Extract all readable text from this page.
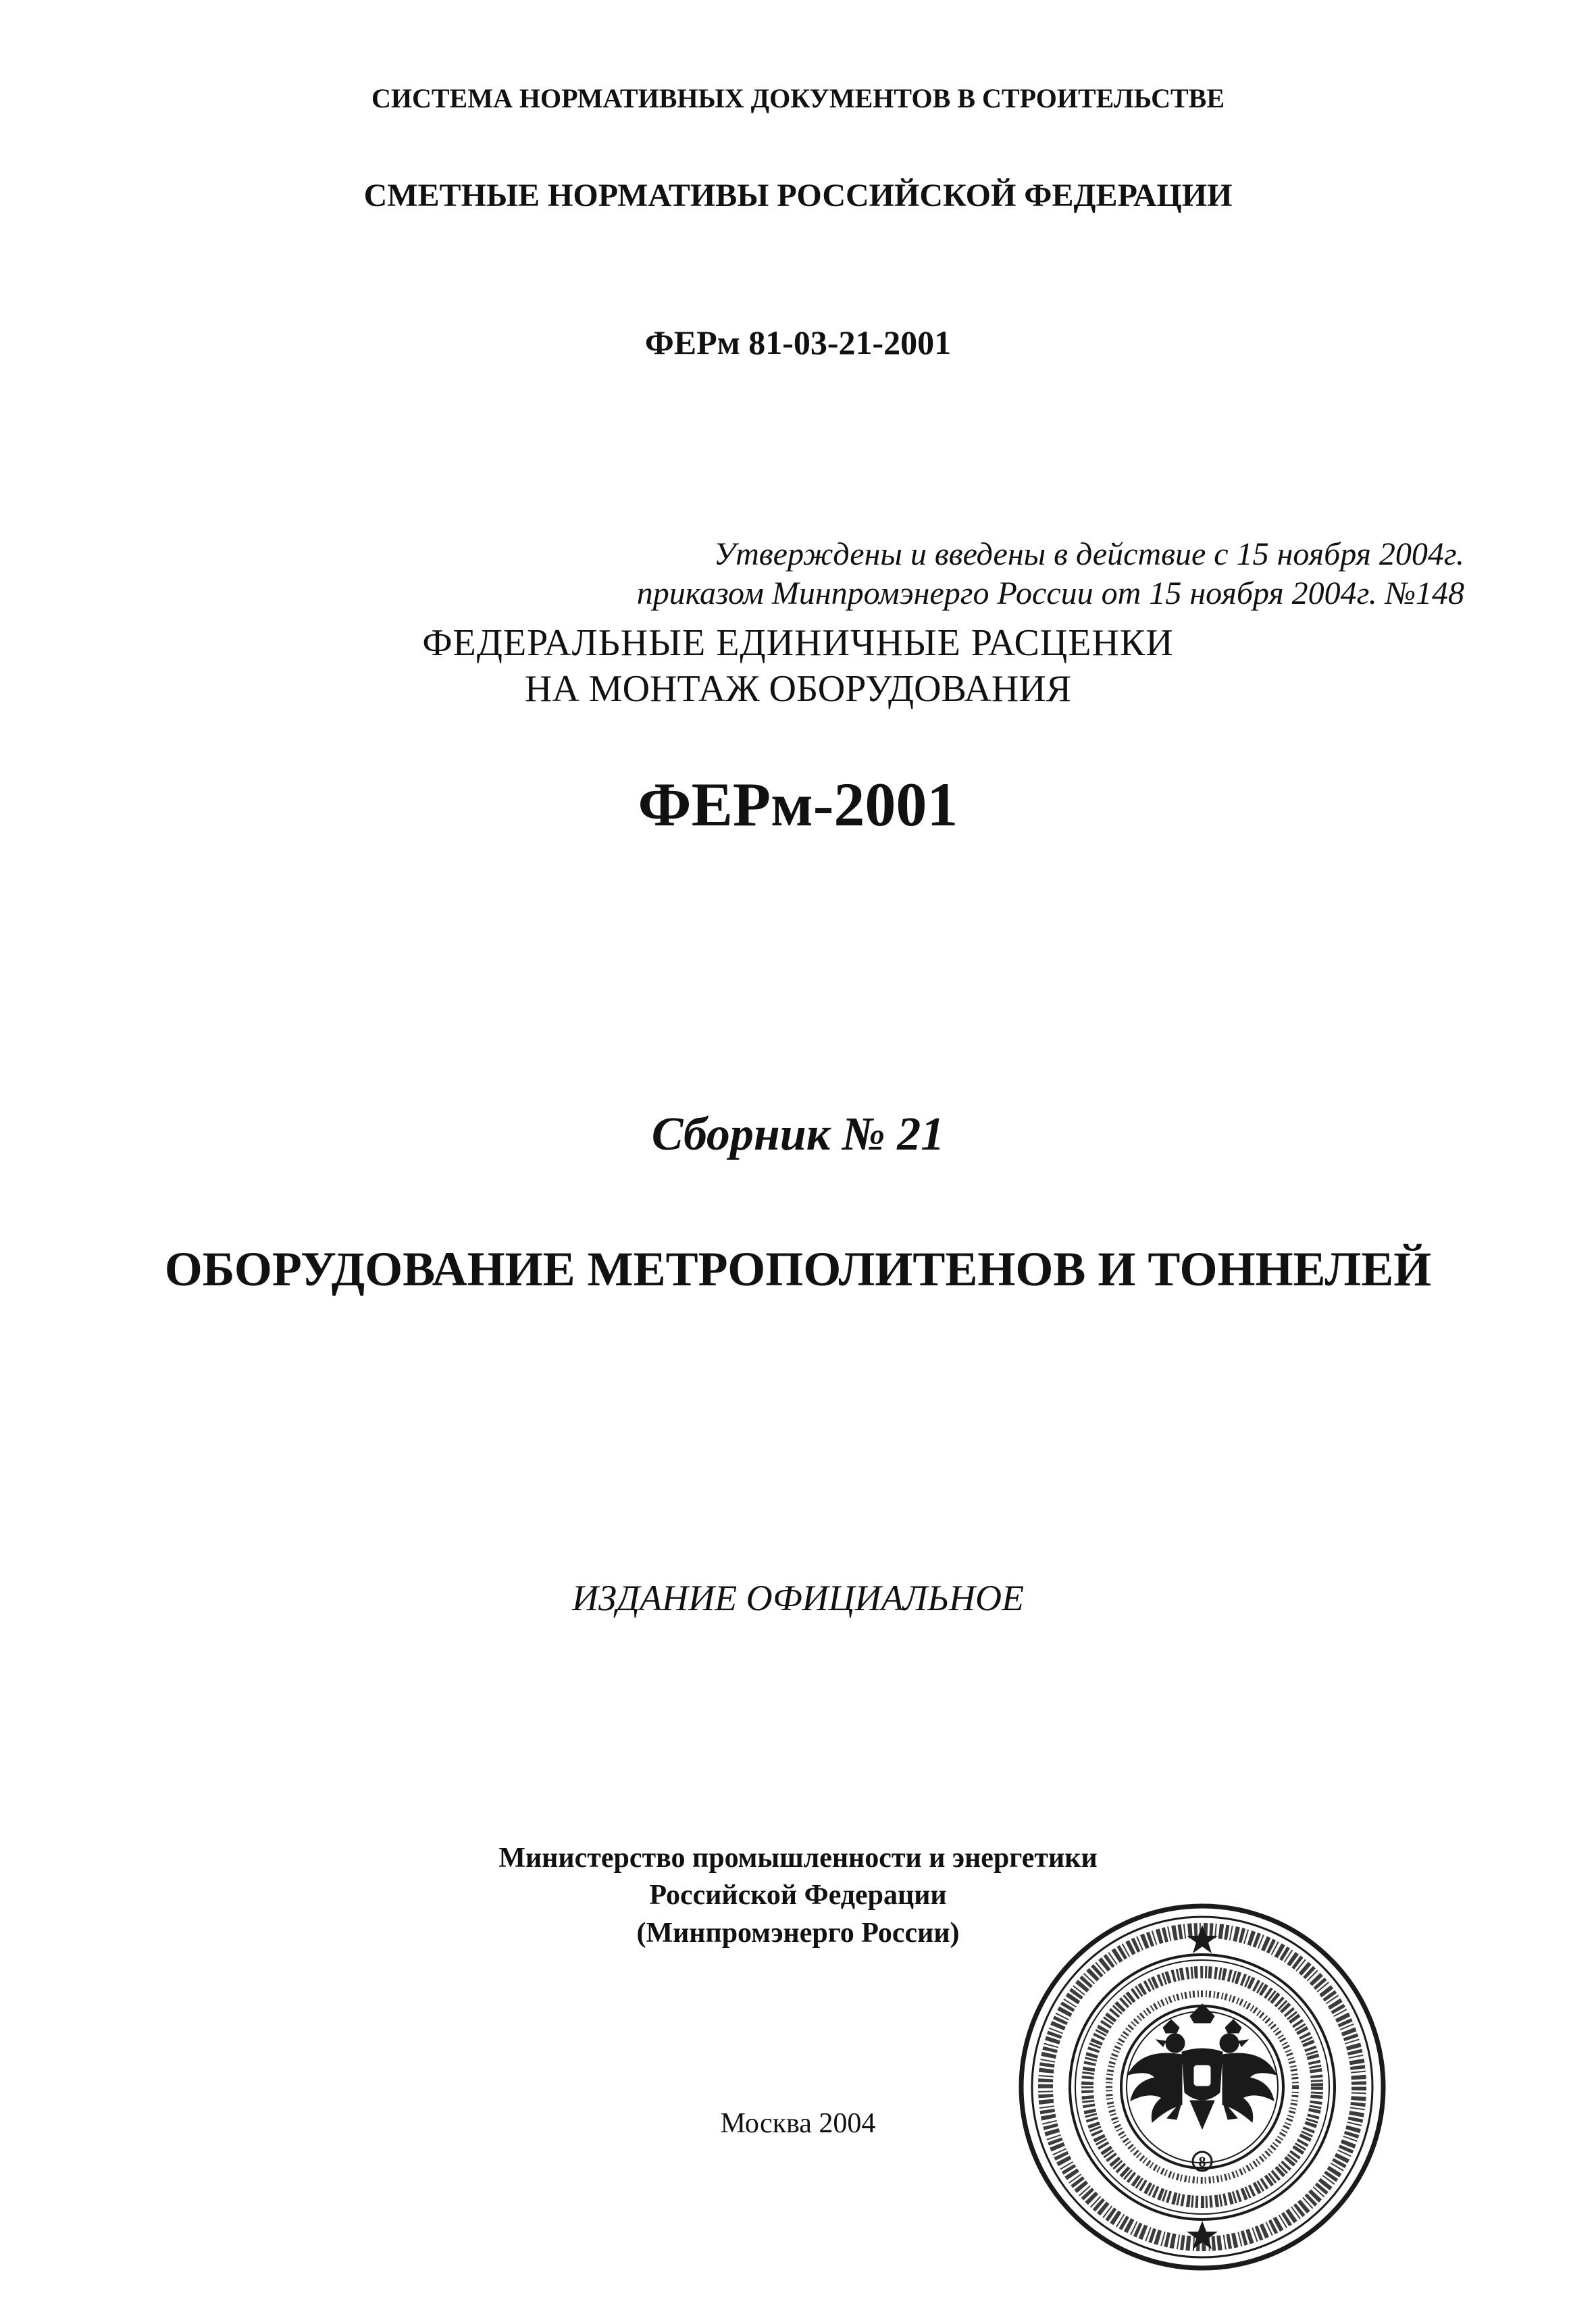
СИСТЕМА НОРМАТИВНЫХ ДОКУМЕНТОВ В СТРОИТЕЛЬСТВЕ

СМЕТНЫЕ НОРМАТИВЫ РОССИЙСКОЙ ФЕДЕРАЦИИ

ФЕРм 81-03-21-2001

Утверждены и введены в действие с 15 ноября 2004г.

приказом Минпромэнерго России от 15 ноября 2004г. №148

ФЕДЕРАЛЬНЫЕ ЕДИНИЧНЫЕ РАСЦЕНКИ

НА МОНТАЖ ОБОРУДОВАНИЯ

ФЕРм-2001

Сборник № 21

ОБОРУДОВАНИЕ МЕТРОПОЛИТЕНОВ И ТОННЕЛЕЙ

ИЗДАНИЕ ОФИЦИАЛЬНОЕ

Министерство промышленности и энергетики

Российской Федерации

(Минпромэнерго России)

Москва 2004

8
